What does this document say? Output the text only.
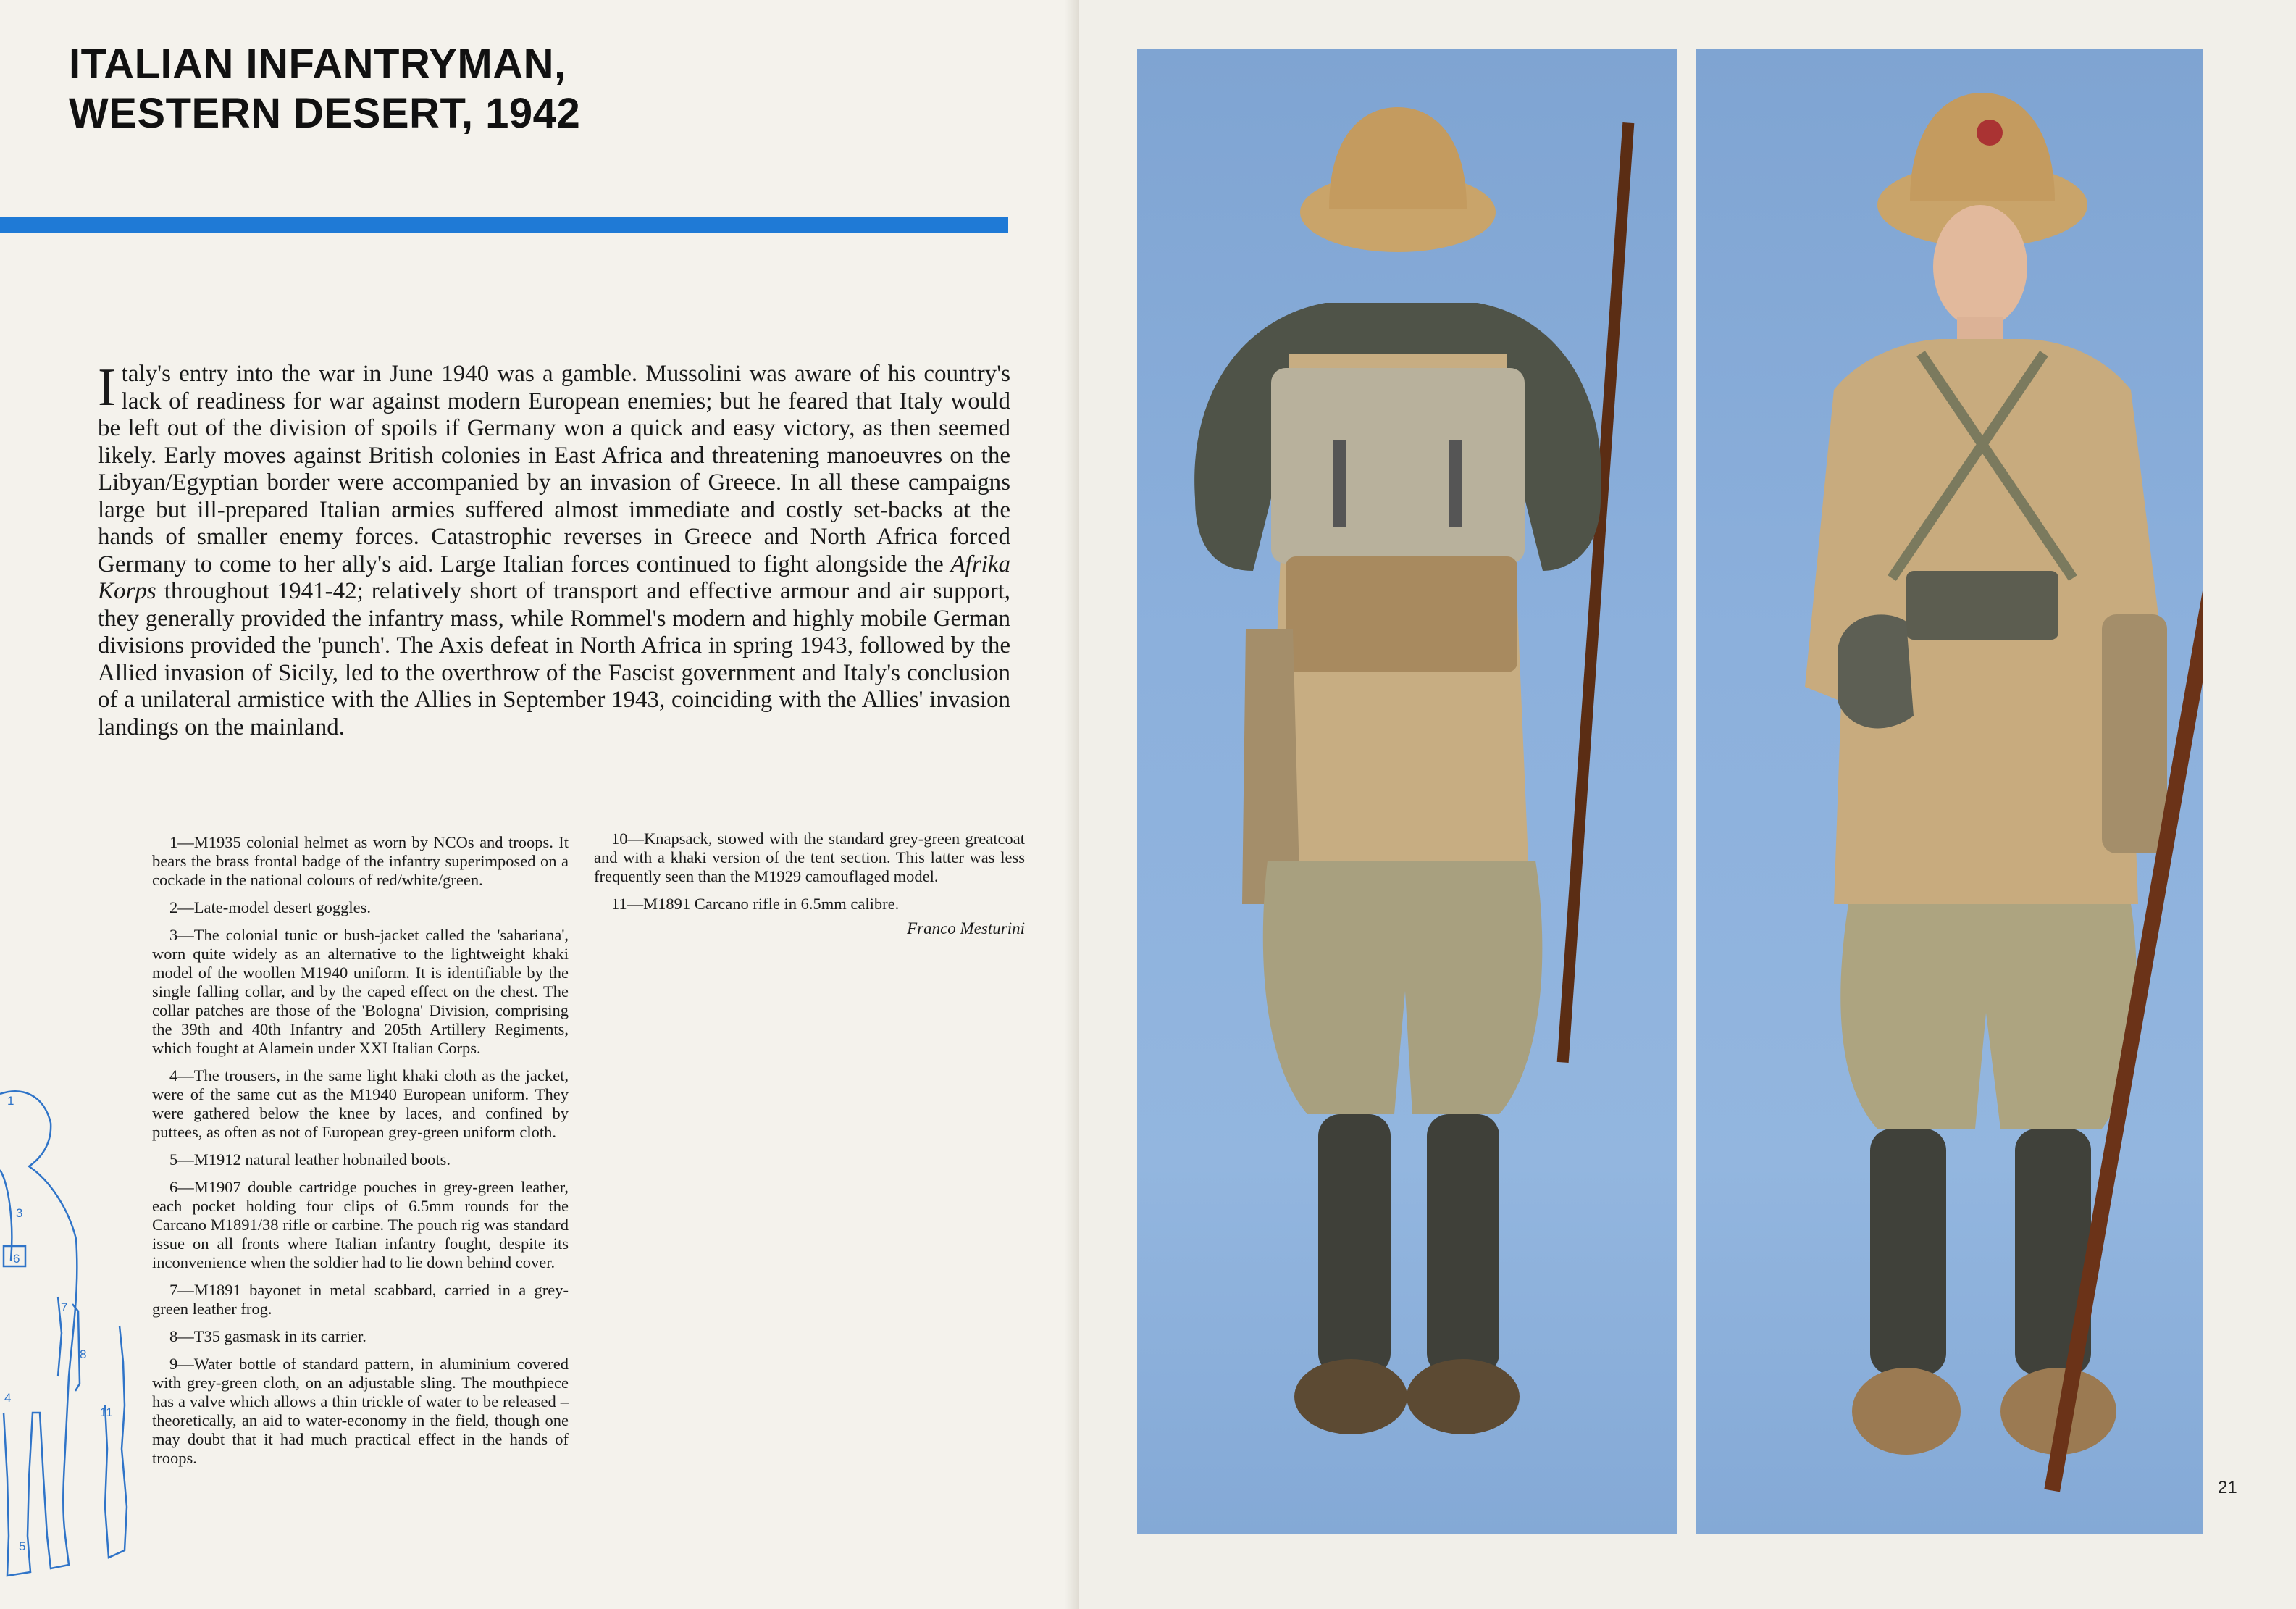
ITALIAN INFANTRYMAN,
WESTERN DESERT, 1942
Italy's entry into the war in June 1940 was a gamble. Mussolini was aware of his country's lack of readiness for war against modern European enemies; but he feared that Italy would be left out of the division of spoils if Germany won a quick and easy victory, as then seemed likely. Early moves against British colonies in East Africa and threatening manoeuvres on the Libyan/Egyptian border were accompanied by an invasion of Greece. In all these campaigns large but ill-prepared Italian armies suffered almost immediate and costly set-backs at the hands of smaller enemy forces. Catastrophic reverses in Greece and North Africa forced Germany to come to her ally's aid. Large Italian forces continued to fight alongside the Afrika Korps throughout 1941-42; relatively short of transport and effective armour and air support, they generally provided the infantry mass, while Rommel's modern and highly mobile German divisions provided the 'punch'. The Axis defeat in North Africa in spring 1943, followed by the Allied invasion of Sicily, led to the overthrow of the Fascist government and Italy's conclusion of a unilateral armistice with the Allies in September 1943, coinciding with the Allies' invasion landings on the mainland.

1—M1935 colonial helmet as worn by NCOs and troops. It bears the brass frontal badge of the infantry superimposed on a cockade in the national colours of red/white/green.

2—Late-model desert goggles.

3—The colonial tunic or bush-jacket called the 'sahariana', worn quite widely as an alternative to the lightweight khaki model of the woollen M1940 uniform. It is identifiable by the single falling collar, and by the caped effect on the chest. The collar patches are those of the 'Bologna' Division, comprising the 39th and 40th Infantry and 205th Artillery Regiments, which fought at Alamein under XXI Italian Corps.

4—The trousers, in the same light khaki cloth as the jacket, were of the same cut as the M1940 European uniform. They were gathered below the knee by laces, and confined by puttees, as often as not of European grey-green uniform cloth.

5—M1912 natural leather hobnailed boots.

6—M1907 double cartridge pouches in grey-green leather, each pocket holding four clips of 6.5mm rounds for the Carcano M1891/38 rifle or carbine. The pouch rig was standard issue on all fronts where Italian infantry fought, despite its inconvenience when the soldier had to lie down behind cover.

7—M1891 bayonet in metal scabbard, carried in a grey-green leather frog.

8—T35 gasmask in its carrier.

9—Water bottle of standard pattern, in aluminium covered with grey-green cloth, on an adjustable sling. The mouthpiece has a valve which allows a thin trickle of water to be released – theoretically, an aid to water-economy in the field, though one may doubt that it had much practical effect in the hands of troops.

10—Knapsack, stowed with the standard grey-green greatcoat and with a khaki version of the tent section. This latter was less frequently seen than the M1929 camouflaged model.

11—M1891 Carcano rifle in 6.5mm calibre.

Franco Mesturini
1
3
6
7
8
4
11
5
21
